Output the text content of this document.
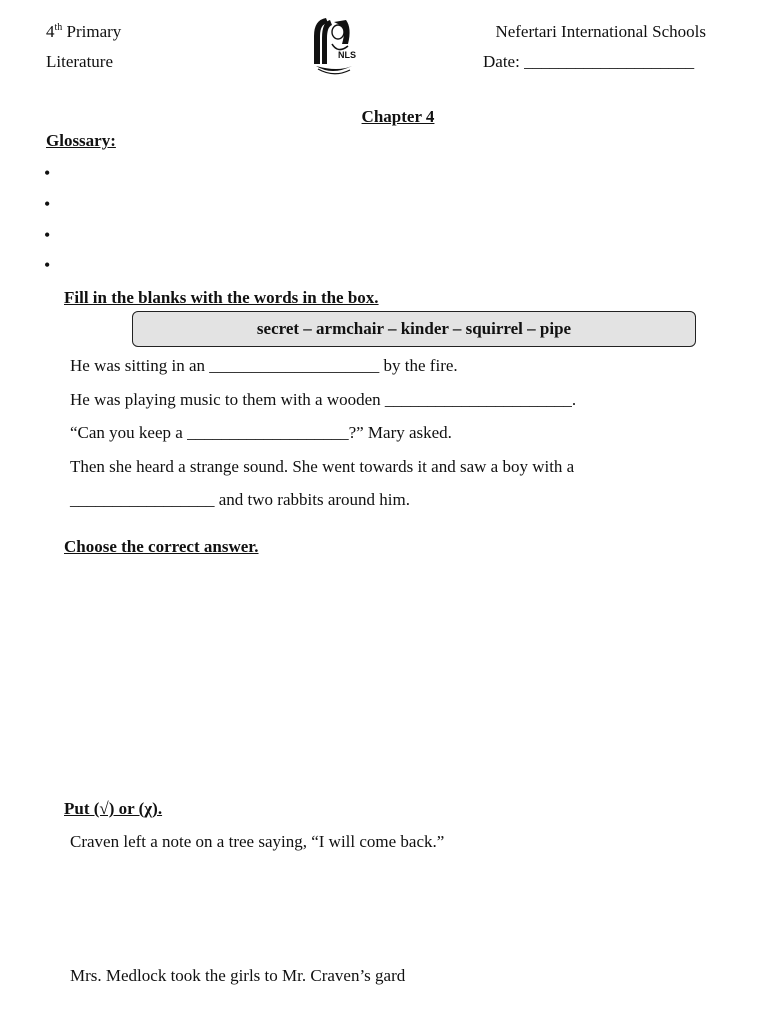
4th Primary
Literature	NLS
Nefertari International Schools
Date: ____________________
Chapter 4
Glossary:
•
•
•
•
Fill in the blanks with the words in the box.
secret – armchair – kinder – squirrel – pipe
He was sitting in an ____________________ by the fire.
He was playing music to them with a wooden ______________________.
“Can you keep a ___________________?” Mary asked.
Then she heard a strange sound. She went towards it and saw a boy with a
_________________ and two rabbits around him.
Choose the correct answer.
Put (√) or (χ).
Craven left a note on a tree saying, “I will come back.”
Mrs. Medlock took the girls to Mr. Craven’s gard
